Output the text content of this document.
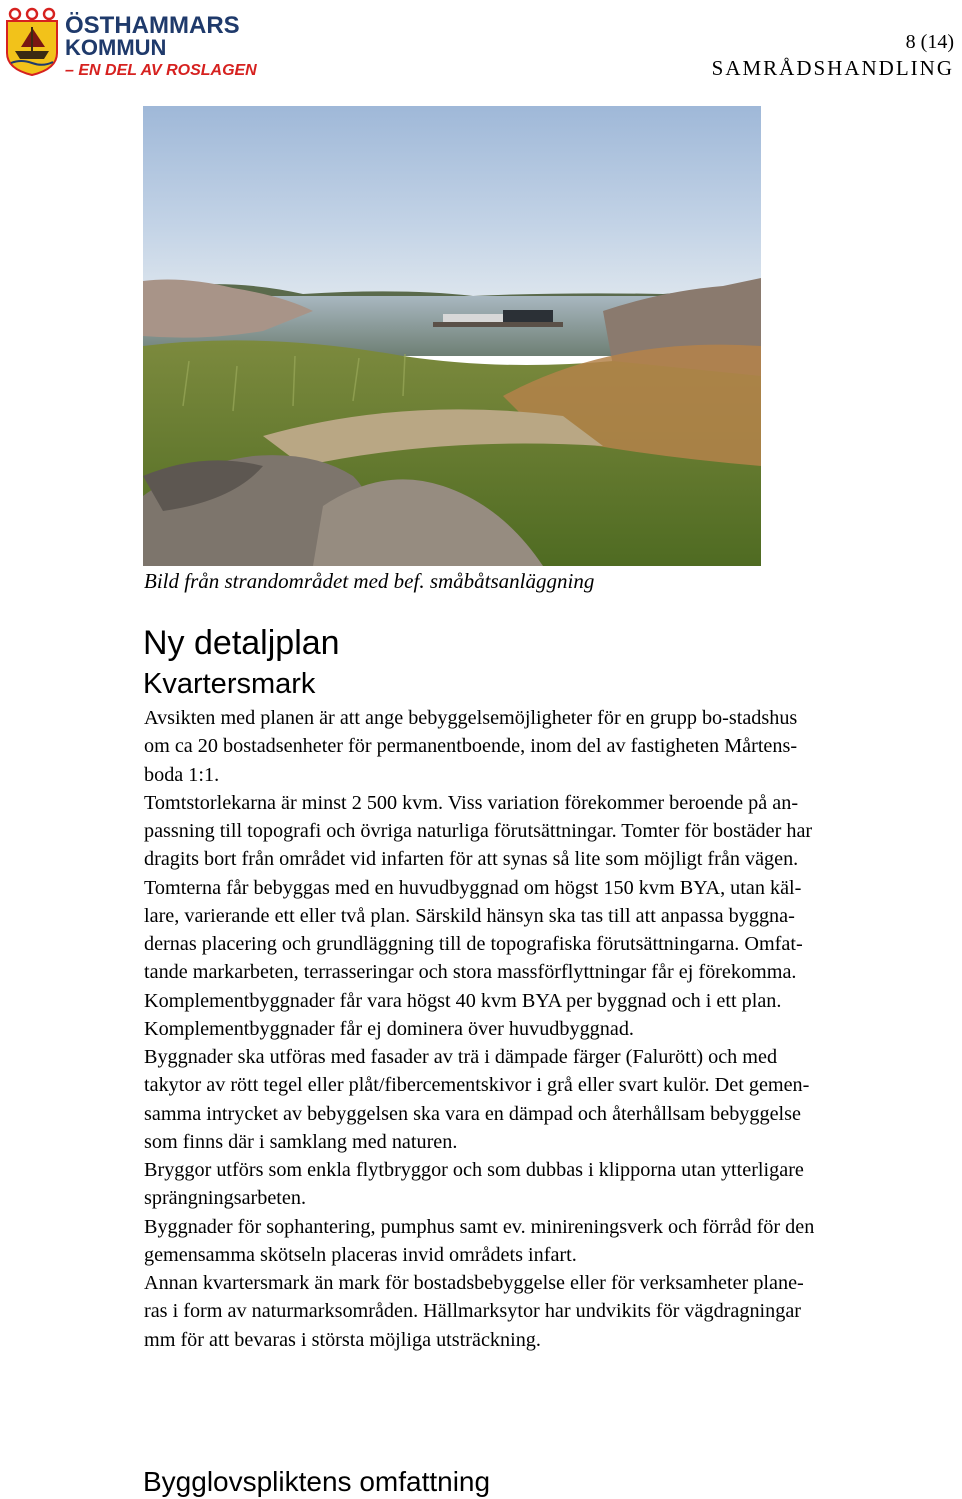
ÖSTHAMMARS
KOMMUN
– EN DEL AV ROSLAGEN
8 (14)
SAMRÅDSHANDLING
Bild från strandområdet med bef. småbåtsanläggning
Ny detaljplan
Kvartersmark

Avsikten med planen är att ange bebyggelsemöjligheter för en grupp bo-stadshus

om ca 20 bostadsenheter för permanentboende, inom del av fastigheten Mårtens-

boda 1:1.

Tomtstorlekarna är minst 2 500 kvm. Viss variation förekommer beroende på an-

passning till topografi och övriga naturliga förutsättningar. Tomter för bostäder har

dragits bort från området vid infarten för att synas så lite som möjligt från vägen.

Tomterna får bebyggas med en huvudbyggnad om högst 150 kvm BYA, utan käl-

lare, varierande ett eller två plan. Särskild hänsyn ska tas till att anpassa byggna-

dernas placering och grundläggning till de topografiska förutsättningarna. Omfat-

tande markarbeten, terrasseringar och stora massförflyttningar får ej förekomma.

Komplementbyggnader får vara högst 40 kvm BYA per byggnad och i ett plan.

Komplementbyggnader får ej dominera över huvudbyggnad.

Byggnader ska utföras med fasader av trä i dämpade färger (Falurött) och med

takytor av rött tegel eller plåt/fibercementskivor i grå eller svart kulör. Det gemen-

samma intrycket av bebyggelsen ska vara en dämpad och återhållsam bebyggelse

som finns där i samklang med naturen.

Bryggor utförs som enkla flytbryggor och som dubbas i klipporna utan ytterligare

sprängningsarbeten.

Byggnader för sophantering, pumphus samt ev. minireningsverk och förråd för den

gemensamma skötseln placeras invid områdets infart.

Annan kvartersmark än mark för bostadsbebyggelse eller för verksamheter plane-

ras i form av naturmarksområden. Hällmarksytor har undvikits för vägdragningar

mm för att bevaras i största möjliga utsträckning.

Bygglovspliktens omfattning
